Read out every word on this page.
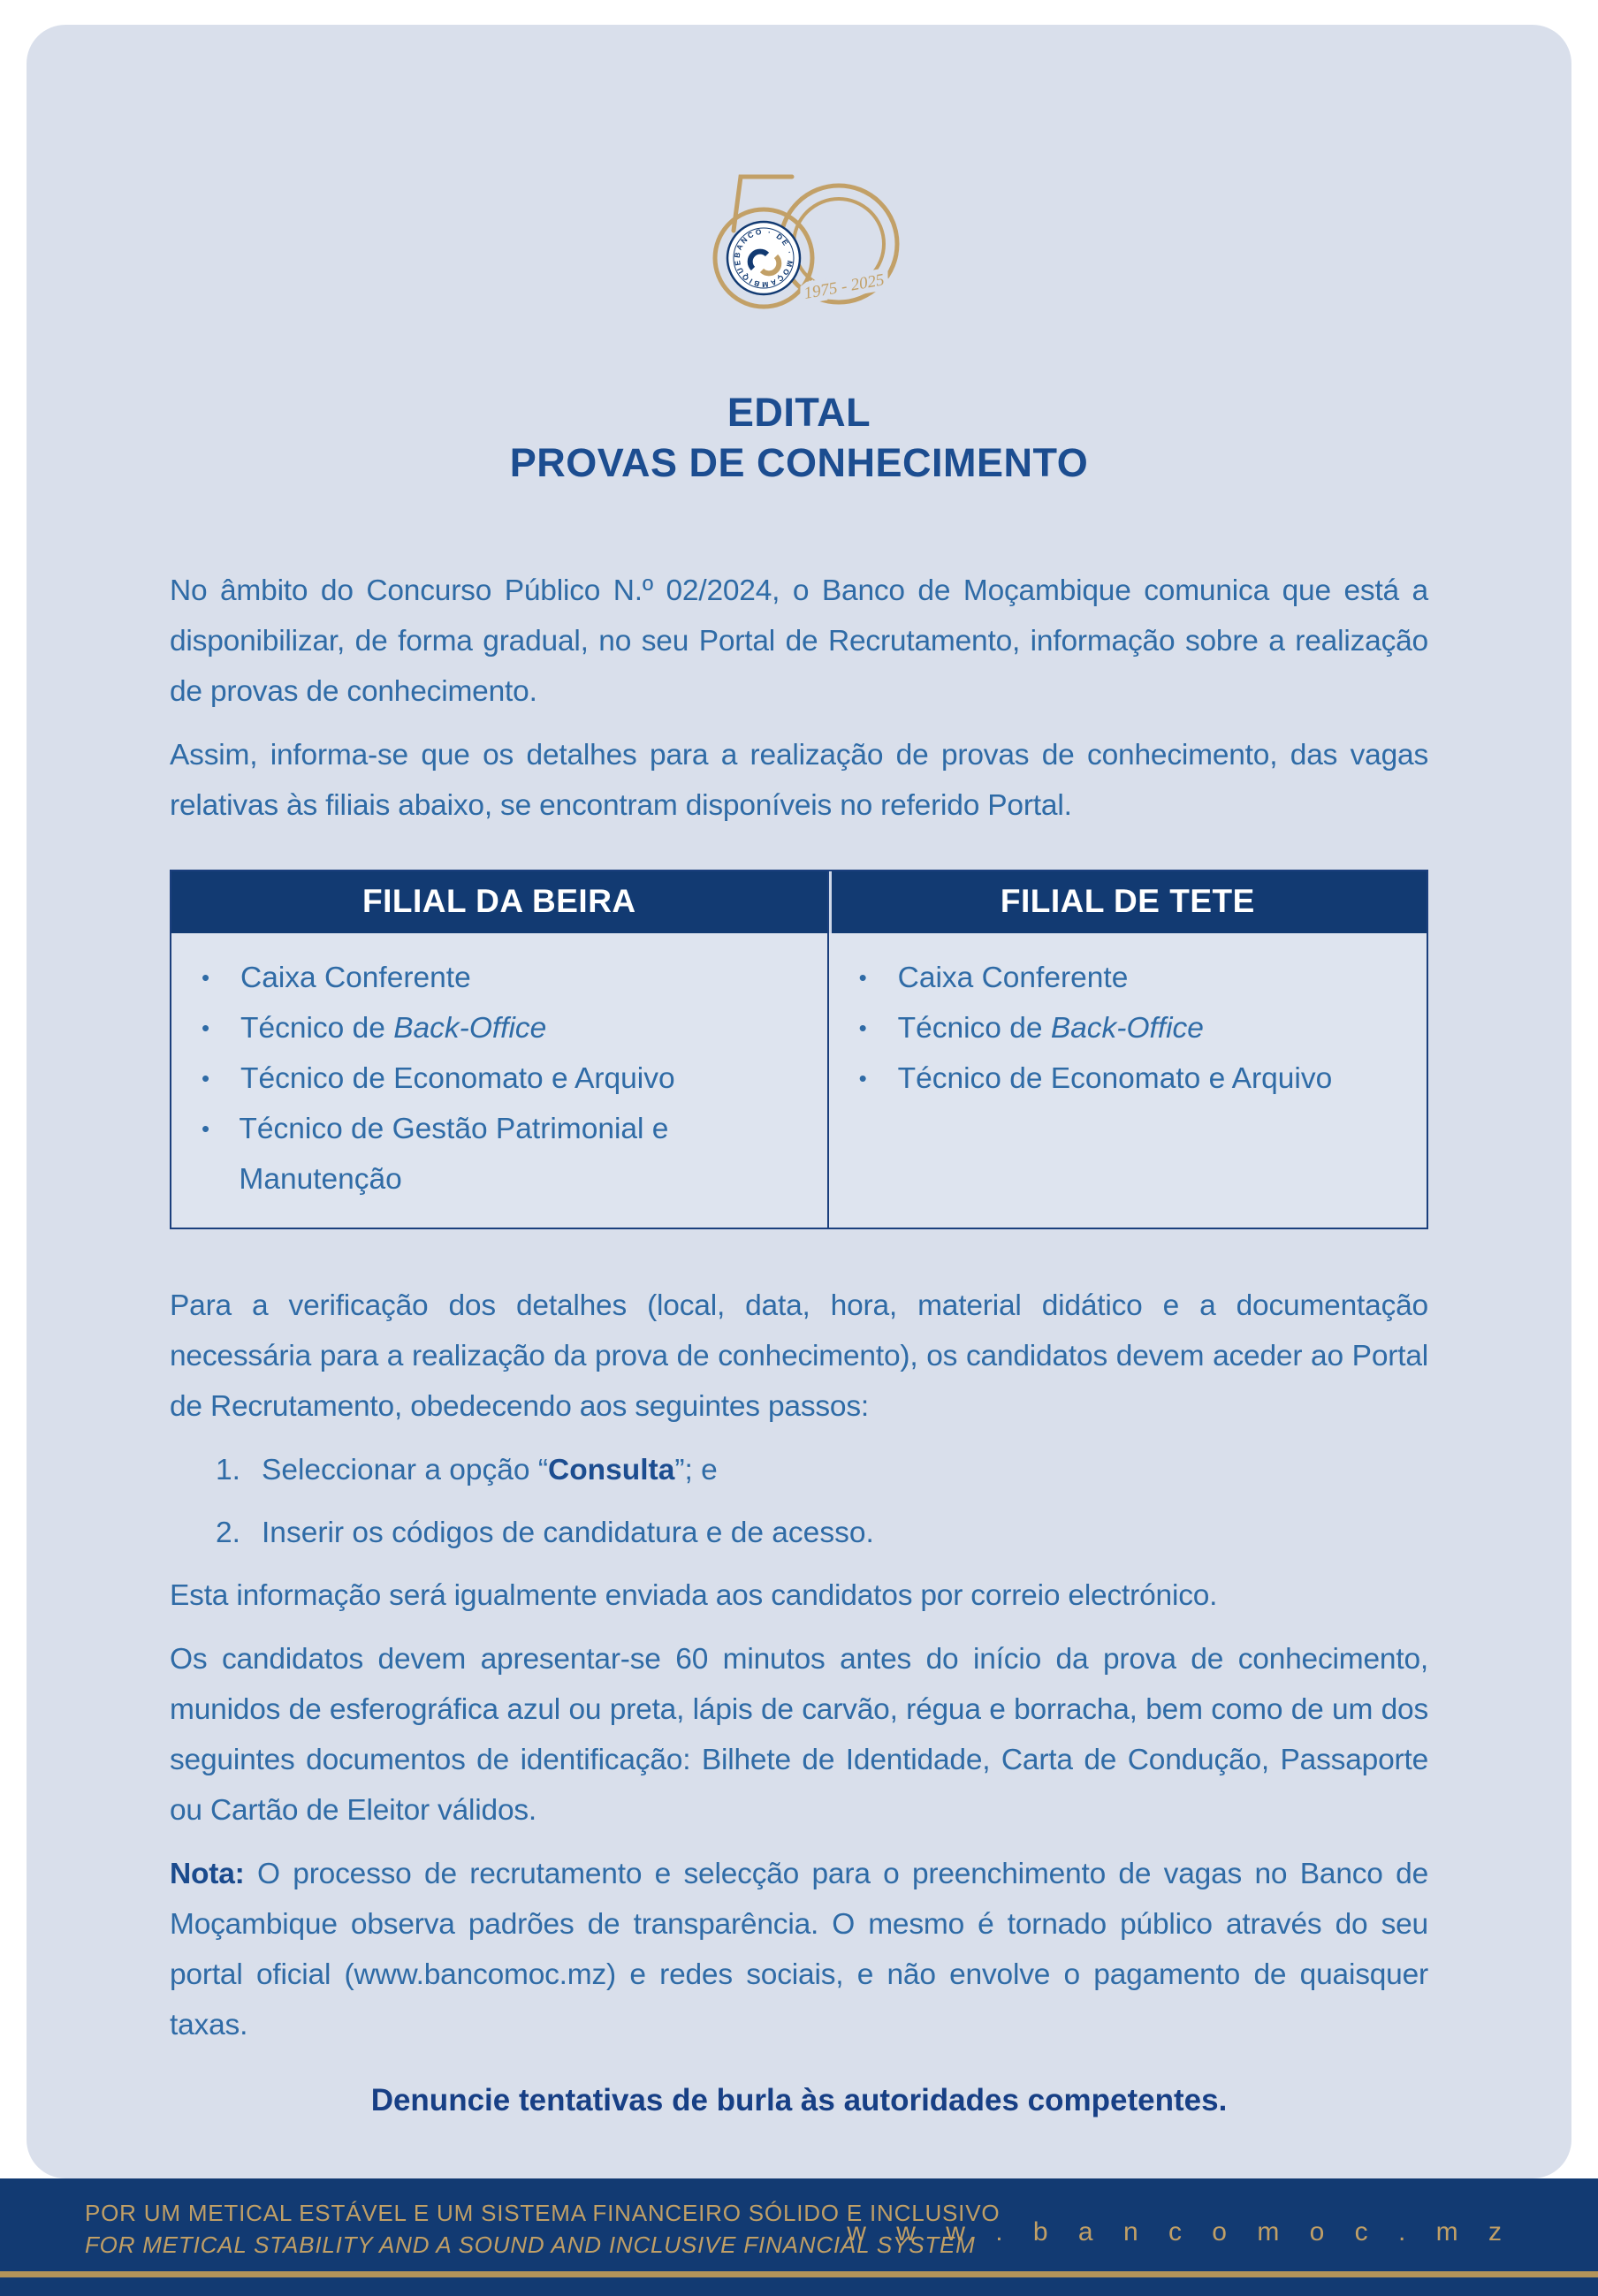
1975 - 2025
BANCO · DE · MOÇAMBIQUE
EDITAL
PROVAS DE CONHECIMENTO

No âmbito do Concurso Público N.º 02/2024, o Banco de Moçambique comunica que está a disponibilizar, de forma gradual, no seu Portal de Recrutamento, informação sobre a realização de provas de conhecimento.

Assim, informa-se que os detalhes para a realização de provas de conhecimento, das vagas relativas às filiais abaixo, se encontram disponíveis no referido Portal.

FILIAL DA BEIRA
•	Caixa Conferente
•	Técnico de Back-Office
•	Técnico de Economato e Arquivo
• Técnico de Gestão Patrimonial e Manutenção
FILIAL DE TETE
•	Caixa Conferente
•	Técnico de Back-Office
•	Técnico de Economato e Arquivo

Para a verificação dos detalhes (local, data, hora, material didático e a documentação necessária para a realização da prova de conhecimento), os candidatos devem aceder ao Portal de Recrutamento, obedecendo aos seguintes passos:

1. Seleccionar a opção “Consulta”; e
2. Inserir os códigos de candidatura e de acesso.

Esta informação será igualmente enviada aos candidatos por correio electrónico.

Os candidatos devem apresentar-se 60 minutos antes do início da prova de conhecimento, munidos de esferográfica azul ou preta, lápis de carvão, régua e borracha, bem como de um dos seguintes documentos de identificação: Bilhete de Identidade, Carta de Condução, Passaporte ou Cartão de Eleitor válidos.

Nota: O processo de recrutamento e selecção para o preenchimento de vagas no Banco de Moçambique observa padrões de transparência. O mesmo é tornado público através do seu portal oficial (www.bancomoc.mz) e redes sociais, e não envolve o pagamento de quaisquer taxas.

Denuncie tentativas de burla às autoridades competentes.
POR UM METICAL ESTÁVEL E UM SISTEMA FINANCEIRO SÓLIDO E INCLUSIVO
FOR METICAL STABILITY AND A SOUND AND INCLUSIVE FINANCIAL SYSTEM
w w w . b a n c o m o c . m z
